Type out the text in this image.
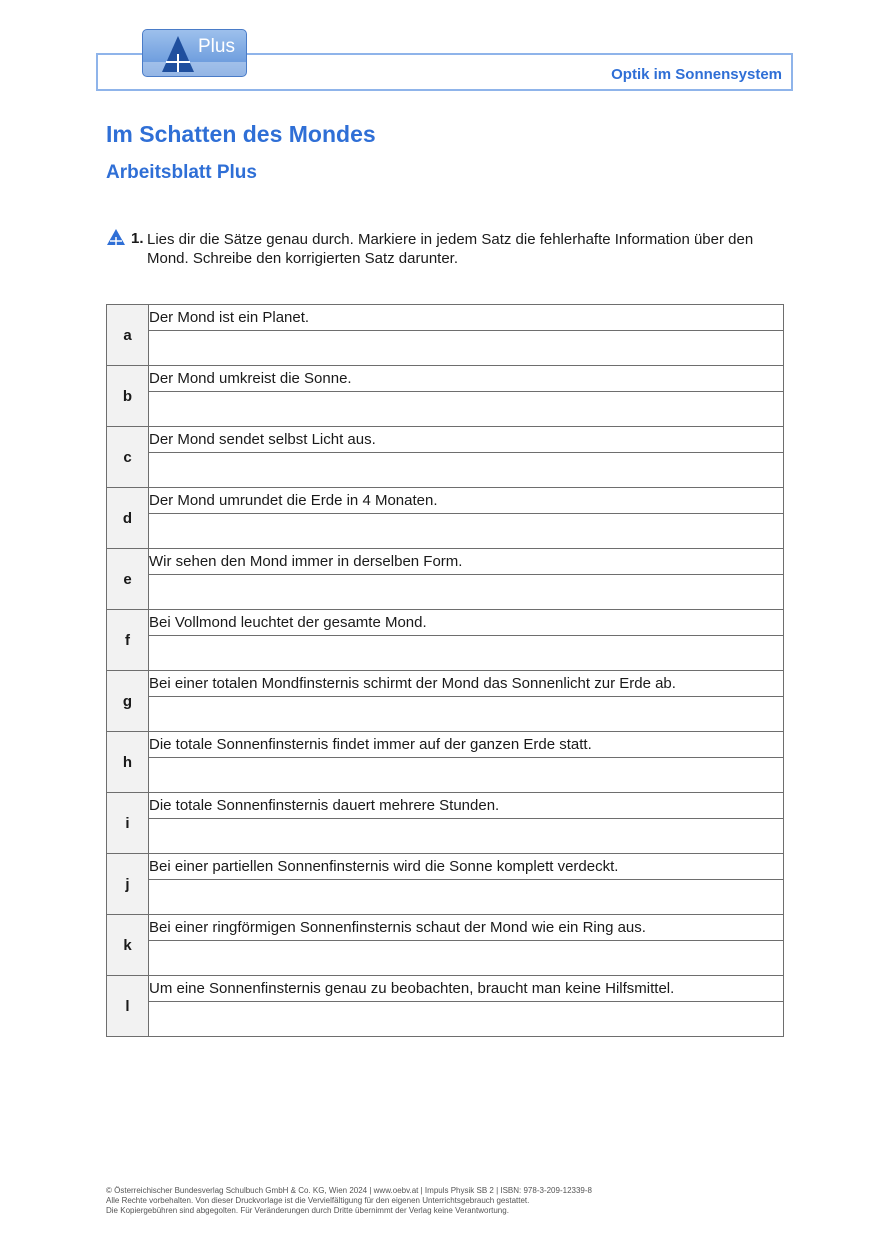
Optik im Sonnensystem
Plus
Im Schatten des Mondes
Arbeitsblatt Plus
1. Lies dir die Sätze genau durch. Markiere in jedem Satz die fehlerhafte Information über den Mond. Schreibe den korrigierten Satz darunter.
a	Der Mond ist ein Planet.

b	Der Mond umkreist die Sonne.

c	Der Mond sendet selbst Licht aus.

d	Der Mond umrundet die Erde in 4 Monaten.

e	Wir sehen den Mond immer in derselben Form.

f	Bei Vollmond leuchtet der gesamte Mond.

g	Bei einer totalen Mondfinsternis schirmt der Mond das Sonnenlicht zur Erde ab.

h	Die totale Sonnenfinsternis findet immer auf der ganzen Erde statt.

i	Die totale Sonnenfinsternis dauert mehrere Stunden.

j	Bei einer partiellen Sonnenfinsternis wird die Sonne komplett verdeckt.

k	Bei einer ringförmigen Sonnenfinsternis schaut der Mond wie ein Ring aus.

l	Um eine Sonnenfinsternis genau zu beobachten, braucht man keine Hilfsmittel.

© Österreichischer Bundesverlag Schulbuch GmbH & Co. KG, Wien 2024 | www.oebv.at | Impuls Physik SB 2 | ISBN: 978-3-209-12339-8
Alle Rechte vorbehalten. Von dieser Druckvorlage ist die Vervielfältigung für den eigenen Unterrichtsgebrauch gestattet.
Die Kopiergebühren sind abgegolten. Für Veränderungen durch Dritte übernimmt der Verlag keine Verantwortung.
